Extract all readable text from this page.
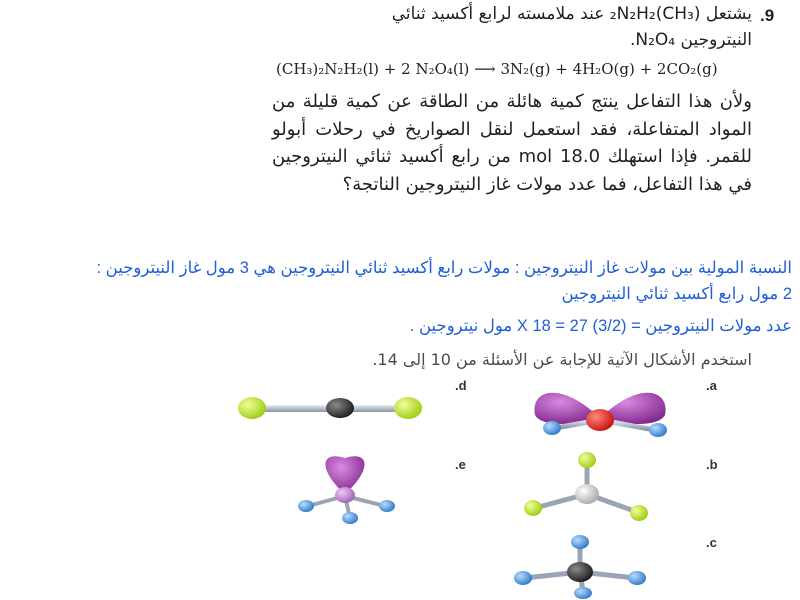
.9
يشتعل (CH₃)₂N₂H₂ عند ملامسته لرابع أكسيد ثنائي
النيتروجين N₂O₄.
(CH₃)₂N₂H₂(l) + 2 N₂O₄(l) ⟶ 3N₂(g) + 4H₂O(g) + 2CO₂(g)
ولأن هذا التفاعل ينتج كمية هائلة من الطاقة عن كمية قليلة من المواد المتفاعلة، فقد استعمل لنقل الصواريخ في رحلات أبولو للقمر. فإذا استهلك 18.0 mol من رابع أكسيد ثنائي النيتروجين في هذا التفاعل، فما عدد مولات غاز النيتروجين الناتجة؟
النسبة المولية بين مولات غاز النيتروجين : مولات رابع أكسيد ثنائي النيتروجين هي 3 مول غاز النيتروجين :
2 مول رابع أكسيد ثنائي النيتروجين
عدد مولات النيتروجين = (3/2) X 18 = 27 مول نيتروجين .
استخدم الأشكال الآتية للإجابة عن الأسئلة من 10 إلى 14.
.d	.a
.e	.b
.c
